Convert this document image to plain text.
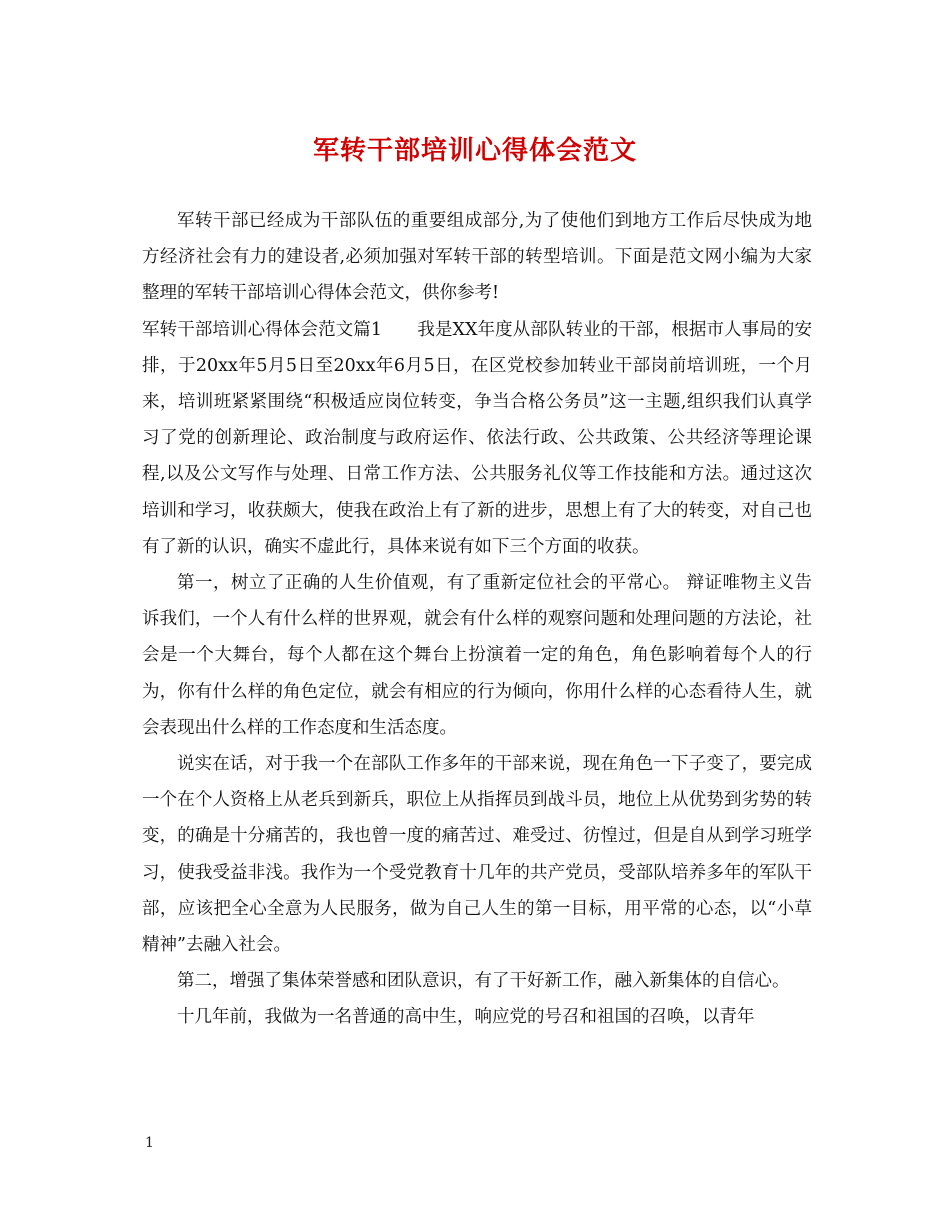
军转干部培训心得体会范文

军转干部已经成为干部队伍的重要组成部分,为了使他们到地方工作后尽快成为地方经济社会有力的建设者,必须加强对军转干部的转型培训。下面是范文网小编为大家整理的军转干部培训心得体会范文，供你参考!

军转干部培训心得体会范文篇1　　我是XX年度从部队转业的干部，根据市人事局的安排，于20xx年5月5日至20xx年6月5日，在区党校参加转业干部岗前培训班，一个月来，培训班紧紧围绕“积极适应岗位转变，争当合格公务员”这一主题,组织我们认真学习了党的创新理论、政治制度与政府运作、依法行政、公共政策、公共经济等理论课程,以及公文写作与处理、日常工作方法、公共服务礼仪等工作技能和方法。通过这次培训和学习，收获颇大，使我在政治上有了新的进步，思想上有了大的转变，对自己也有了新的认识，确实不虚此行，具体来说有如下三个方面的收获。

第一，树立了正确的人生价值观，有了重新定位社会的平常心。 辩证唯物主义告诉我们，一个人有什么样的世界观，就会有什么样的观察问题和处理问题的方法论，社会是一个大舞台，每个人都在这个舞台上扮演着一定的角色，角色影响着每个人的行为，你有什么样的角色定位，就会有相应的行为倾向，你用什么样的心态看待人生，就会表现出什么样的工作态度和生活态度。

说实在话，对于我一个在部队工作多年的干部来说，现在角色一下子变了，要完成一个在个人资格上从老兵到新兵，职位上从指挥员到战斗员，地位上从优势到劣势的转变，的确是十分痛苦的，我也曾一度的痛苦过、难受过、彷惶过，但是自从到学习班学习，使我受益非浅。我作为一个受党教育十几年的共产党员，受部队培养多年的军队干部，应该把全心全意为人民服务，做为自己人生的第一目标，用平常的心态，以“小草精神”去融入社会。

第二，增强了集体荣誉感和团队意识，有了干好新工作，融入新集体的自信心。

十几年前，我做为一名普通的高中生，响应党的号召和祖国的召唤，以青年

1
